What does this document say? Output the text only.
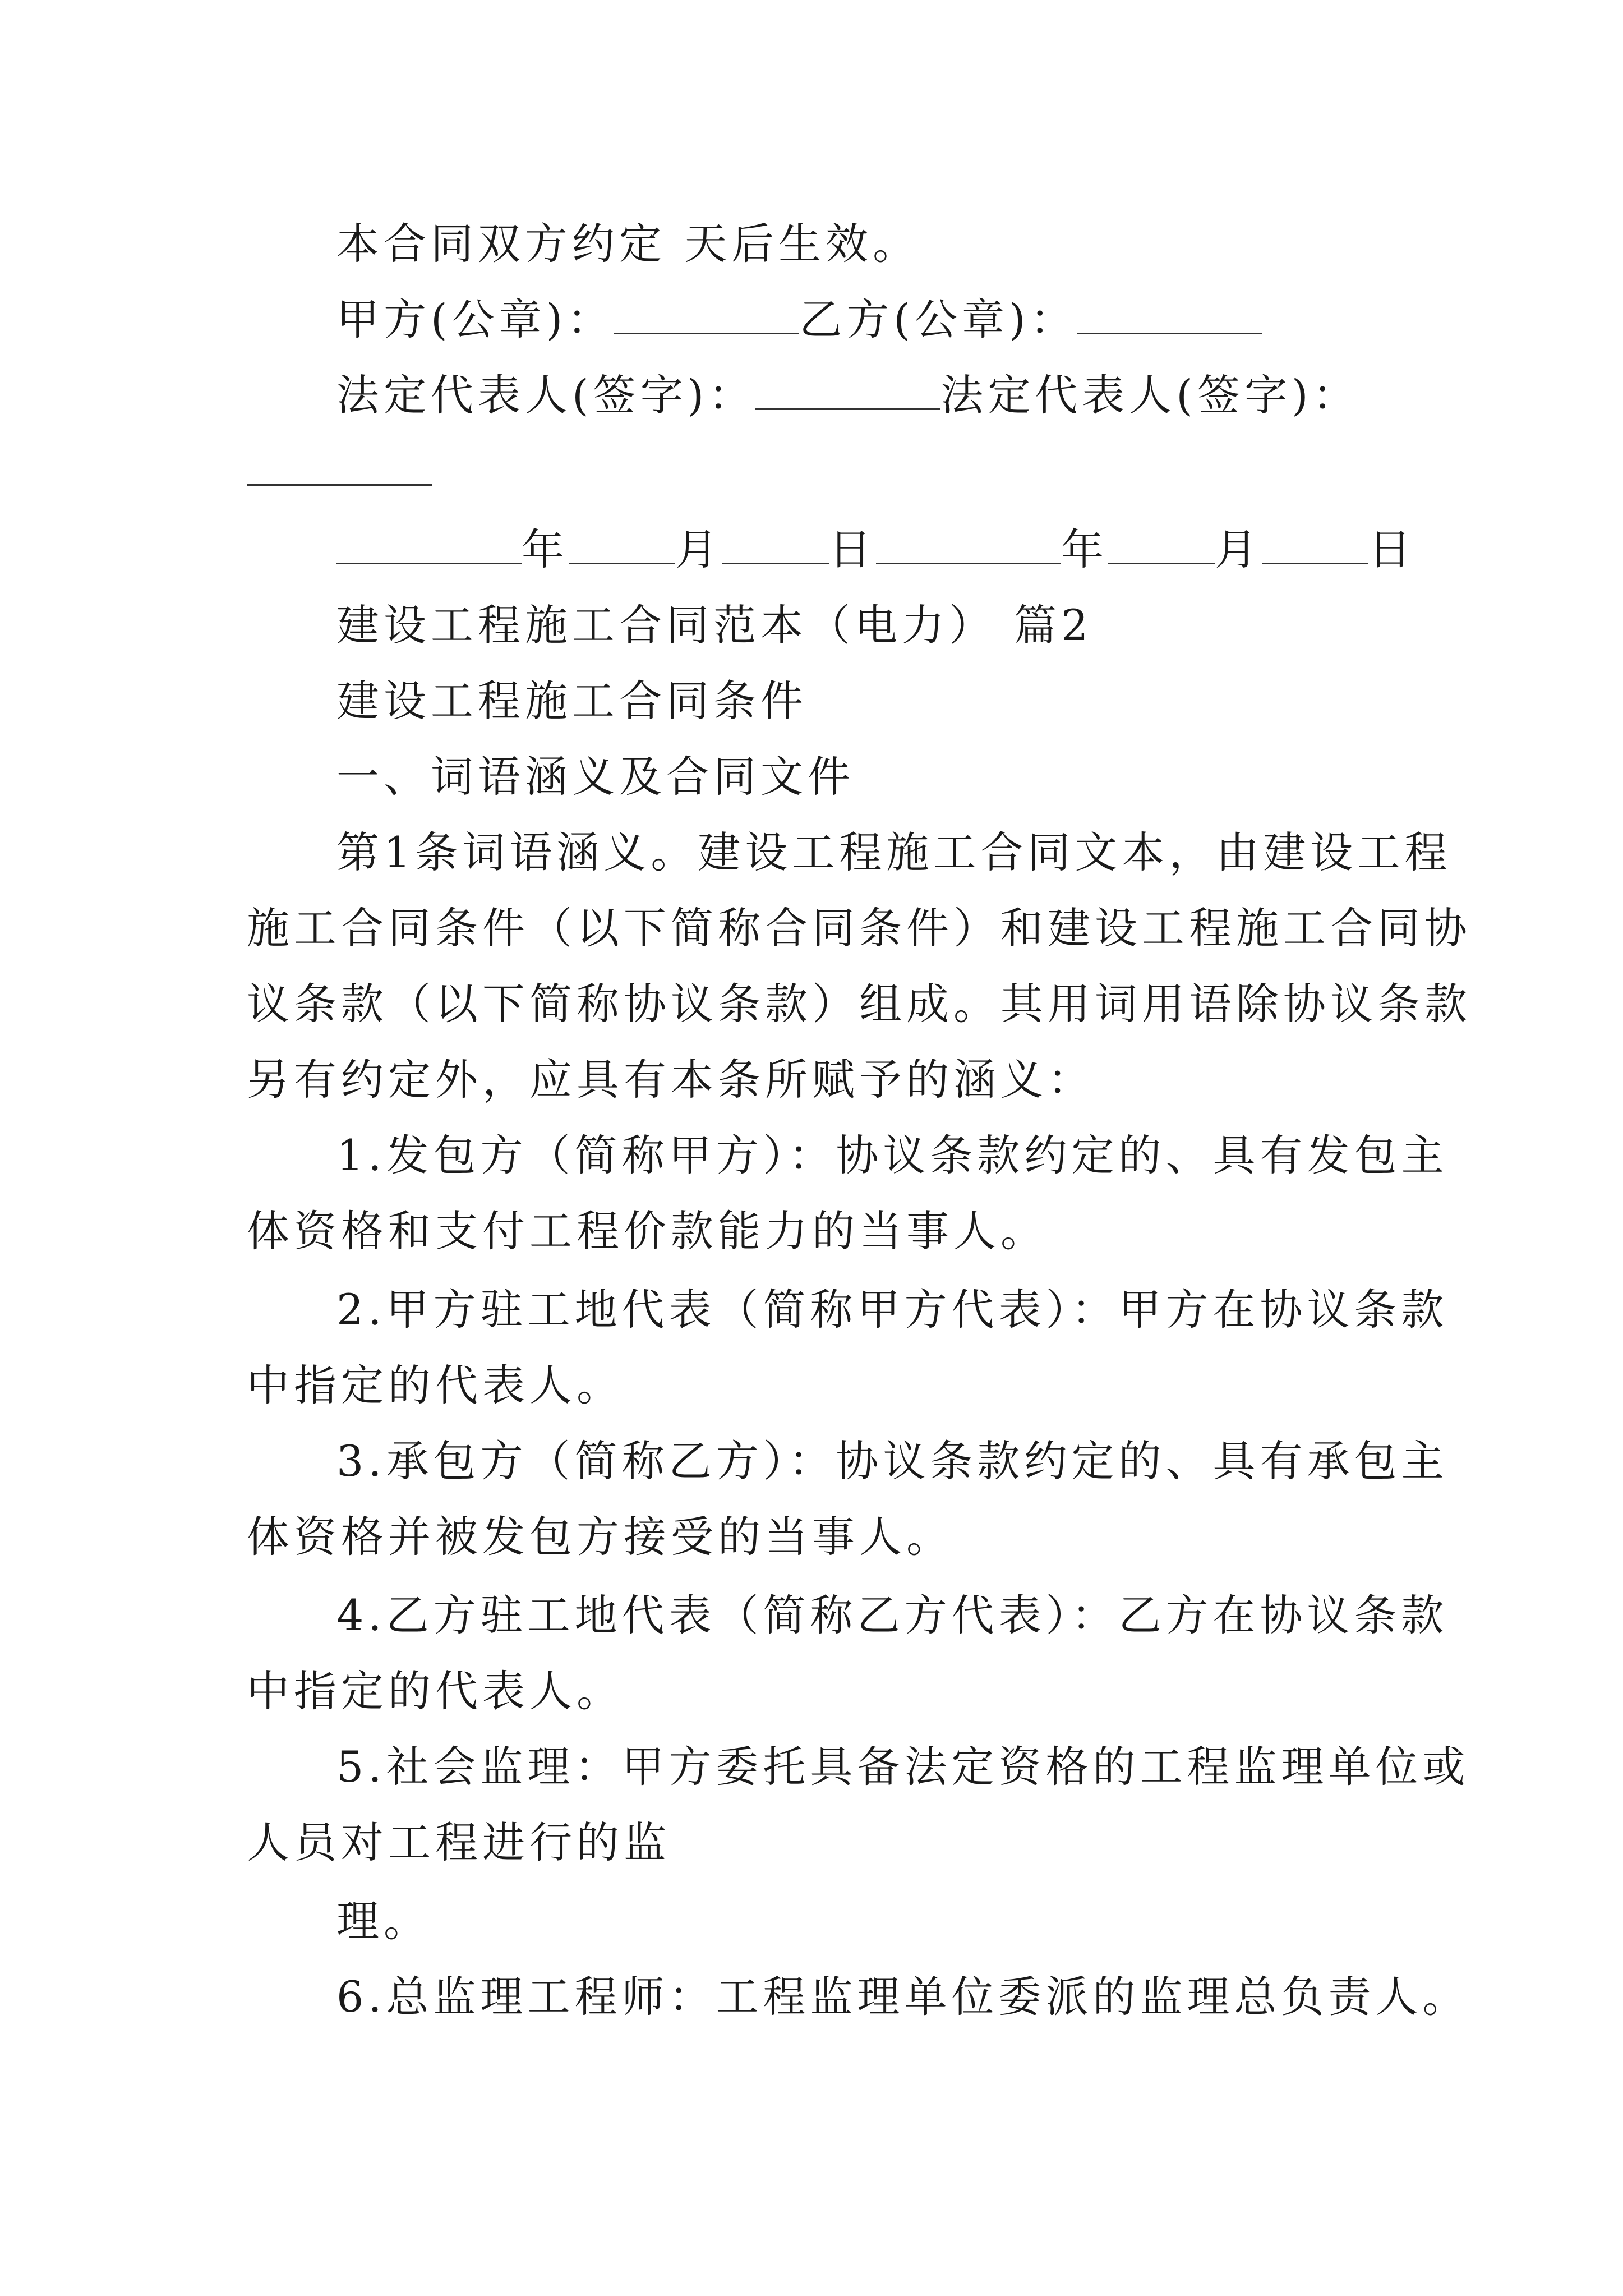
本合同双方约定 天后生效。
甲方(公章)：	乙方(公章)：
法定代表人(签字)：	法定代表人(签字)：
年	月	日	年	月	日
建设工程施工合同范本（电力） 篇2
建设工程施工合同条件
一、词语涵义及合同文件
第1条词语涵义。建设工程施工合同文本，由建设工程
施工合同条件（以下简称合同条件）和建设工程施工合同协
议条款（以下简称协议条款）组成。其用词用语除协议条款
另有约定外，应具有本条所赋予的涵义：
1.发包方（简称甲方）：协议条款约定的、具有发包主
体资格和支付工程价款能力的当事人。
2.甲方驻工地代表（简称甲方代表）：甲方在协议条款
中指定的代表人。
3.承包方（简称乙方）：协议条款约定的、具有承包主
体资格并被发包方接受的当事人。
4.乙方驻工地代表（简称乙方代表）：乙方在协议条款
中指定的代表人。
5.社会监理：甲方委托具备法定资格的工程监理单位或
人员对工程进行的监
理。
6.总监理工程师：工程监理单位委派的监理总负责人。
